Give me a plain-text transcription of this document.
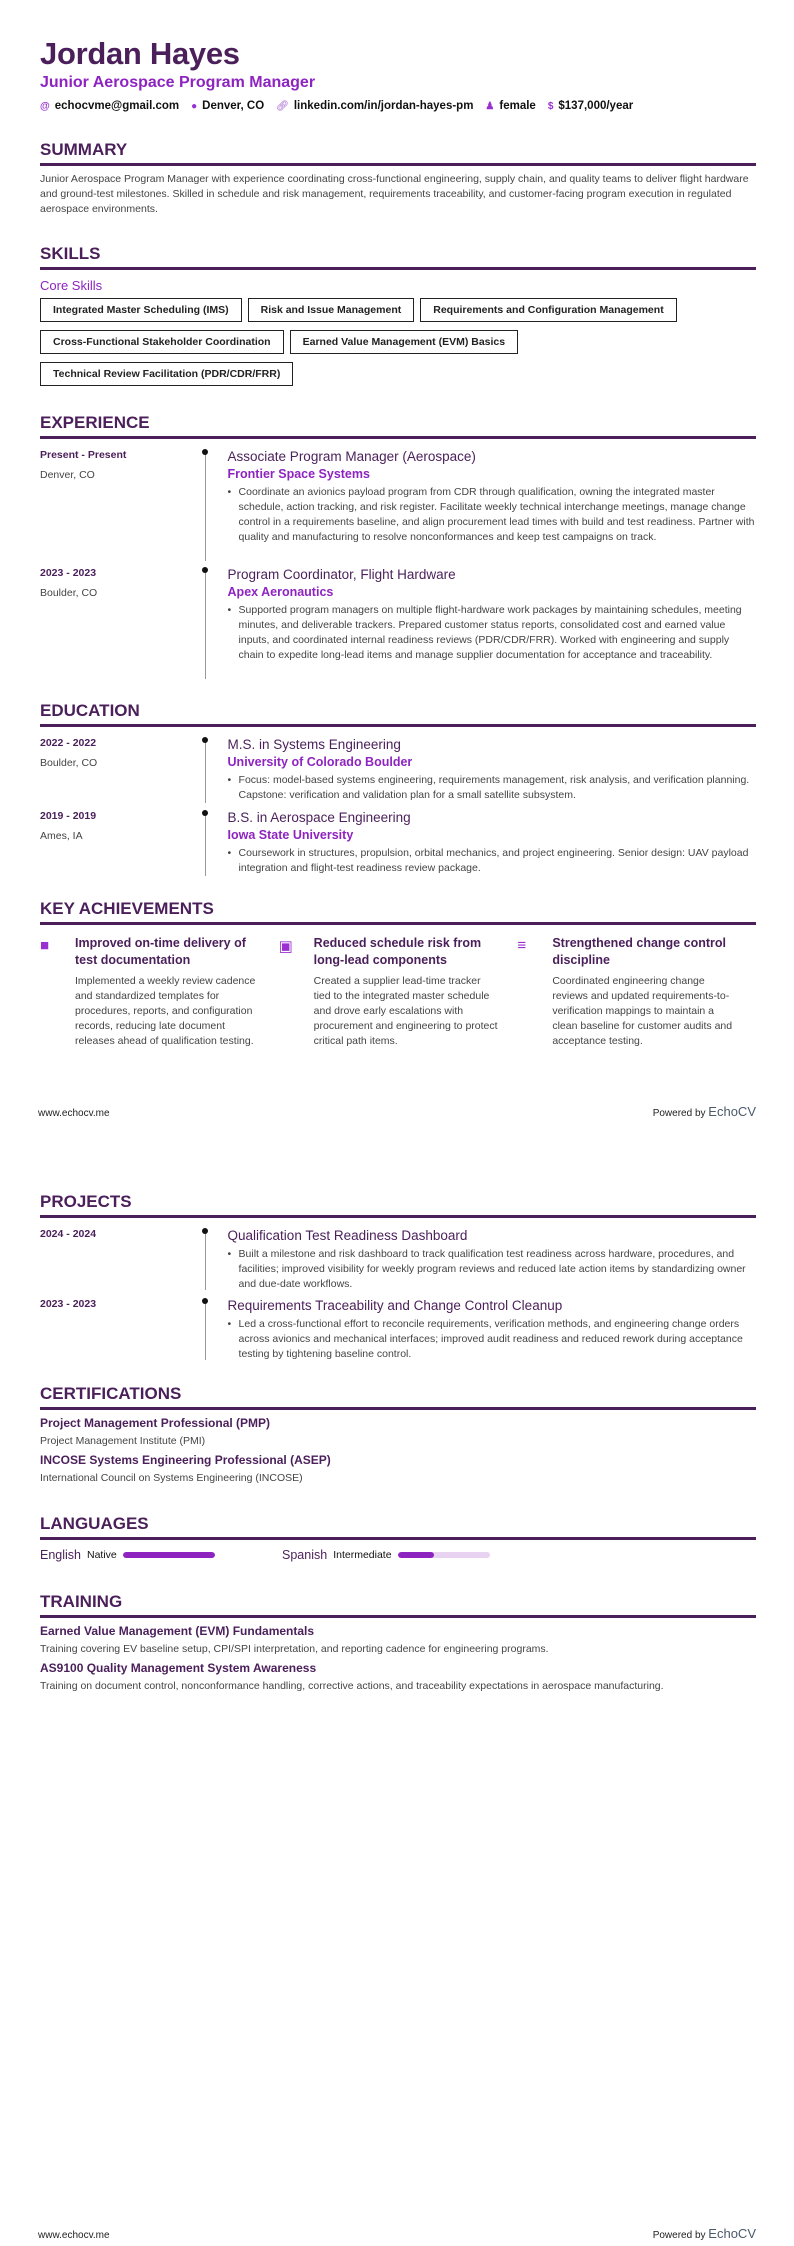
Jordan Hayes
Junior Aerospace Program Manager
@ echocvme@gmail.com ● Denver, CO 🔗︎ linkedin.com/in/jordan-hayes-pm ♟ female $ $137,000/year
SUMMARY
Junior Aerospace Program Manager with experience coordinating cross-functional engineering, supply chain, and quality teams to deliver flight hardware and ground-test milestones. Skilled in schedule and risk management, requirements traceability, and customer-facing program execution in regulated aerospace environments.
SKILLS
Core Skills
Integrated Master Scheduling (IMS)	Risk and Issue Management	Requirements and Configuration Management
Cross-Functional Stakeholder Coordination	Earned Value Management (EVM) Basics
Technical Review Facilitation (PDR/CDR/FRR)
EXPERIENCE
Present - Present
Denver, CO
Associate Program Manager (Aerospace)
Frontier Space Systems
• Coordinate an avionics payload program from CDR through qualification, owning the integrated master schedule, action tracking, and risk register. Facilitate weekly technical interchange meetings, manage change control in a requirements baseline, and align procurement lead times with build and test readiness. Partner with quality and manufacturing to resolve nonconformances and keep test campaigns on track.
2023 - 2023
Boulder, CO
Program Coordinator, Flight Hardware
Apex Aeronautics
• Supported program managers on multiple flight-hardware work packages by maintaining schedules, meeting minutes, and deliverable trackers. Prepared customer status reports, consolidated cost and earned value inputs, and coordinated internal readiness reviews (PDR/CDR/FRR). Worked with engineering and supply chain to expedite long-lead items and manage supplier documentation for acceptance and traceability.
EDUCATION
2022 - 2022
Boulder, CO
M.S. in Systems Engineering
University of Colorado Boulder
• Focus: model-based systems engineering, requirements management, risk analysis, and verification planning. Capstone: verification and validation plan for a small satellite subsystem.
2019 - 2019
Ames, IA
B.S. in Aerospace Engineering
Iowa State University
• Coursework in structures, propulsion, orbital mechanics, and project engineering. Senior design: UAV payload integration and flight-test readiness review package.
KEY ACHIEVEMENTS
■	Improved on-time delivery of test documentation
Implemented a weekly review cadence and standardized templates for procedures, reports, and configuration records, reducing late document releases ahead of qualification testing.
▣	Reduced schedule risk from long-lead components
Created a supplier lead-time tracker tied to the integrated master schedule and drove early escalations with procurement and engineering to protect critical path items.
≡	Strengthened change control discipline
Coordinated engineering change reviews and updated requirements-to-verification mappings to maintain a clean baseline for customer audits and acceptance testing.
www.echocv.me	Powered by EchoCV
PROJECTS
2024 - 2024	Qualification Test Readiness Dashboard
• Built a milestone and risk dashboard to track qualification test readiness across hardware, procedures, and facilities; improved visibility for weekly program reviews and reduced late action items by standardizing owner and due-date workflows.
2023 - 2023	Requirements Traceability and Change Control Cleanup
• Led a cross-functional effort to reconcile requirements, verification methods, and engineering change orders across avionics and mechanical interfaces; improved audit readiness and reduced rework during acceptance testing by tightening baseline control.
CERTIFICATIONS
Project Management Professional (PMP)
Project Management Institute (PMI)
INCOSE Systems Engineering Professional (ASEP)
International Council on Systems Engineering (INCOSE)
LANGUAGES
English Native	Spanish Intermediate
TRAINING
Earned Value Management (EVM) Fundamentals
Training covering EV baseline setup, CPI/SPI interpretation, and reporting cadence for engineering programs.
AS9100 Quality Management System Awareness
Training on document control, nonconformance handling, corrective actions, and traceability expectations in aerospace manufacturing.
www.echocv.me	Powered by EchoCV
